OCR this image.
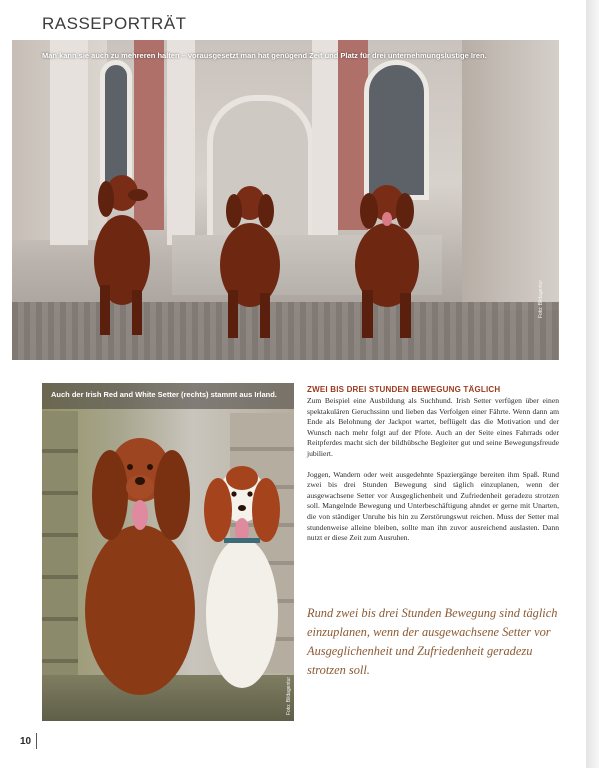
RASSEPORTRÄT
Man kann sie auch zu mehreren halten – vorausgesetzt man hat genügend Zeit und Platz für drei unternehmungslustige Iren.
Foto: Bildagentur
Auch der Irish Red and White Setter (rechts) stammt aus Irland.
Foto: Bildagentur
ZWEI BIS DREI STUNDEN BEWEGUNG TÄGLICH

Zum Beispiel eine Ausbildung als Suchhund. Irish Setter verfügen über einen spektakulären Geruchssinn und lieben das Verfolgen einer Fährte. Wenn dann am Ende als Belohnung der Jackpot wartet, beflügelt das die Motivation und der Wunsch nach mehr folgt auf der Pfote. Auch an der Seite eines Fahrrads oder Reitpferdes macht sich der bildhübsche Begleiter gut und seine Bewegungsfreude jubiliert.

Joggen, Wandern oder weit ausgedehnte Spaziergänge bereiten ihm Spaß. Rund zwei bis drei Stunden Bewegung sind täglich einzuplanen, wenn der ausgewachsene Setter vor Ausgeglichenheit und Zufriedenheit geradezu strotzen soll. Mangelnde Bewegung und Unterbeschäftigung ahndet er gerne mit Unarten, die von ständiger Unruhe bis hin zu Zerstörungswut reichen. Muss der Setter mal stundenweise alleine bleiben, sollte man ihn zuvor ausreichend auslasten. Dann nutzt er diese Zeit zum Ausruhen.

Rund zwei bis drei Stunden Bewegung sind täglich einzuplanen, wenn der ausgewachsene Setter vor Ausgeglichenheit und Zufriedenheit geradezu strotzen soll.
10
